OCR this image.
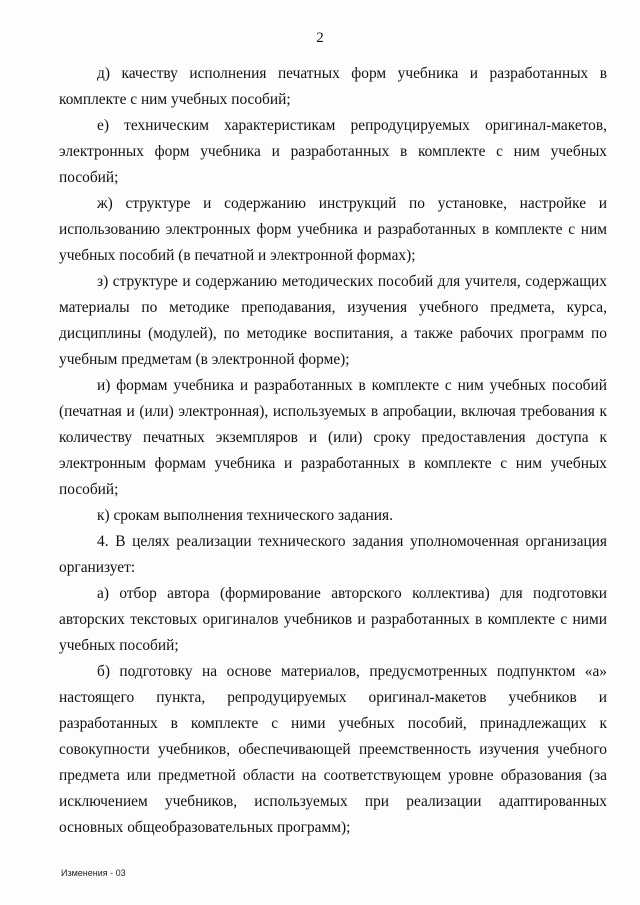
2

д) качеству исполнения печатных форм учебника и разработанных в комплекте с ним учебных пособий;

е) техническим характеристикам репродуцируемых оригинал-макетов, электронных форм учебника и разработанных в комплекте с ним учебных пособий;

ж) структуре и содержанию инструкций по установке, настройке и использованию электронных форм учебника и разработанных в комплекте с ним учебных пособий (в печатной и электронной формах);

з) структуре и содержанию методических пособий для учителя, содержащих материалы по методике преподавания, изучения учебного предмета, курса, дисциплины (модулей), по методике воспитания, а также рабочих программ по учебным предметам (в электронной форме);

и) формам учебника и разработанных в комплекте с ним учебных пособий (печатная и (или) электронная), используемых в апробации, включая требования к количеству печатных экземпляров и (или) сроку предоставления доступа к электронным формам учебника и разработанных в комплекте с ним учебных пособий;

к) срокам выполнения технического задания.

4. В целях реализации технического задания уполномоченная организация организует:

а) отбор автора (формирование авторского коллектива) для подготовки авторских текстовых оригиналов учебников и разработанных в комплекте с ними учебных пособий;

б) подготовку на основе материалов, предусмотренных подпунктом «а» настоящего пункта, репродуцируемых оригинал-макетов учебников и разработанных в комплекте с ними учебных пособий, принадлежащих к совокупности учебников, обеспечивающей преемственность изучения учебного предмета или предметной области на соответствующем уровне образования (за исключением учебников, используемых при реализации адаптированных основных общеобразовательных программ);

Изменения - 03
